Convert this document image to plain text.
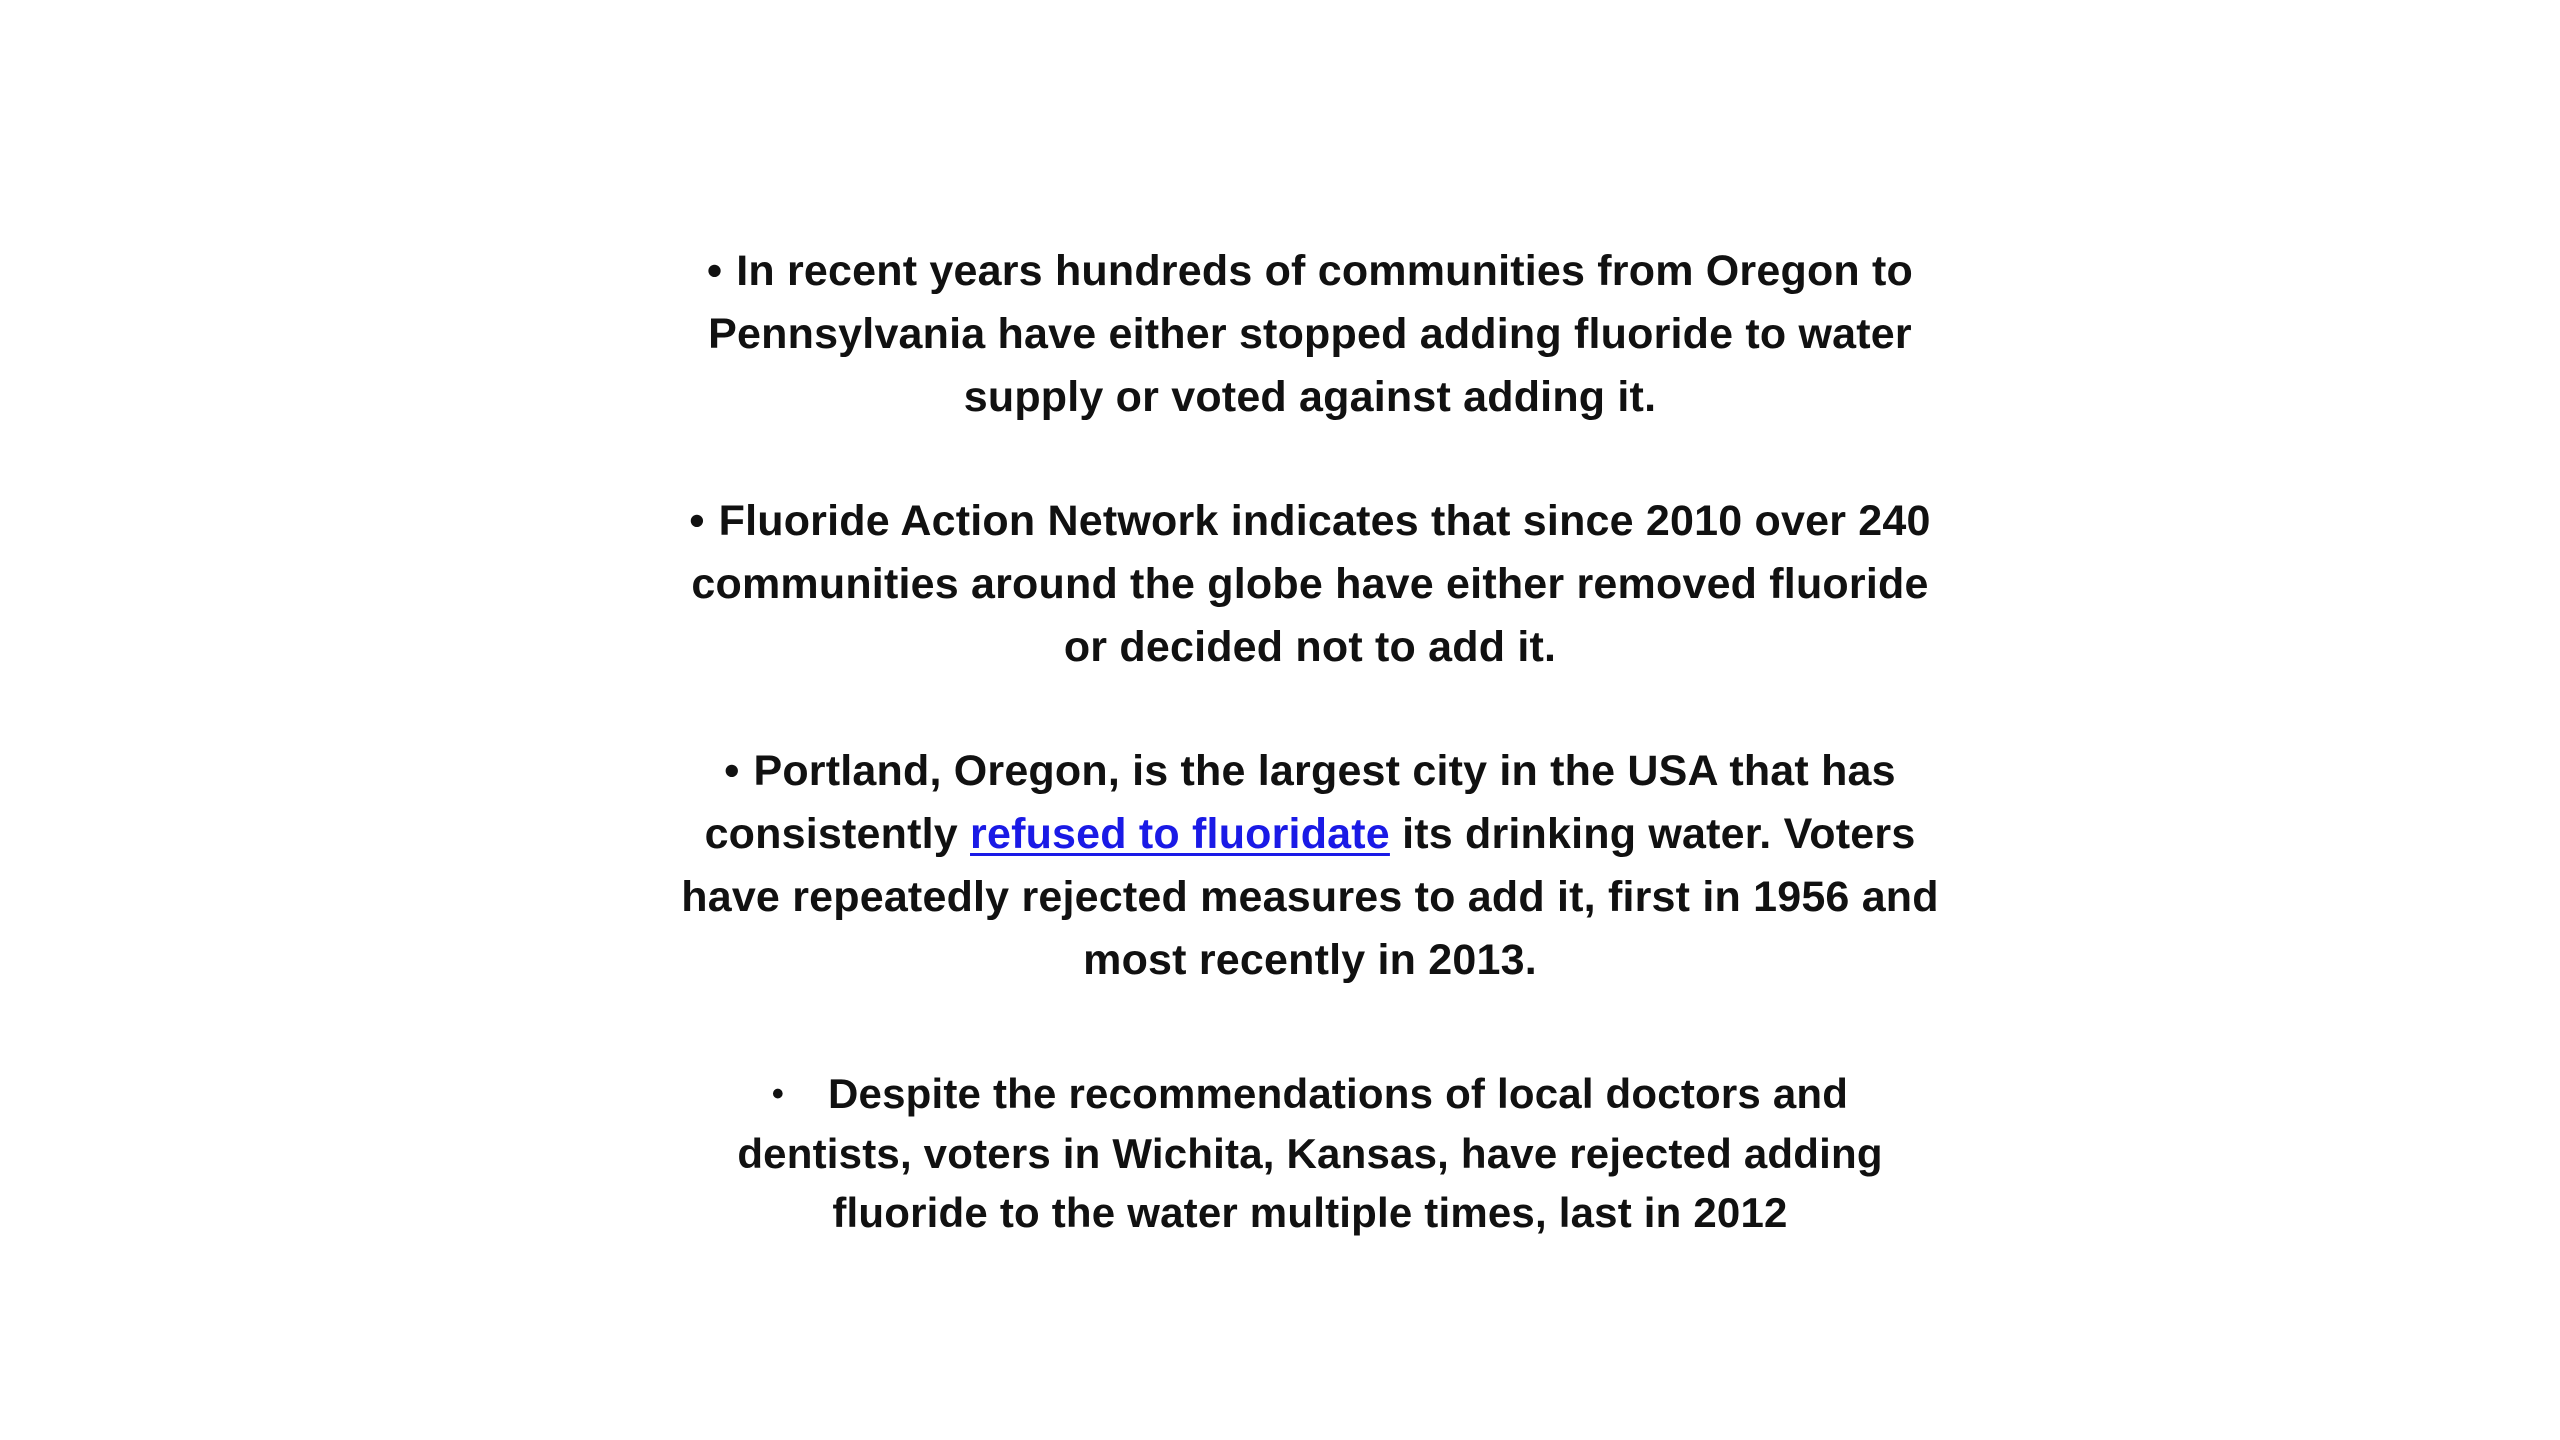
• In recent years hundreds of communities from Oregon to Pennsylvania have either stopped adding fluoride to water supply or voted against adding it.

• Fluoride Action Network indicates that since 2010 over 240 communities around the globe have either removed fluoride or decided not to add it.

• Portland, Oregon, is the largest city in the USA that has consistently refused to fluoridate its drinking water. Voters have repeatedly rejected measures to add it, first in 1956 and most recently in 2013.

• Despite the recommendations of local doctors and dentists, voters in Wichita, Kansas, have rejected adding fluoride to the water multiple times, last in 2012
